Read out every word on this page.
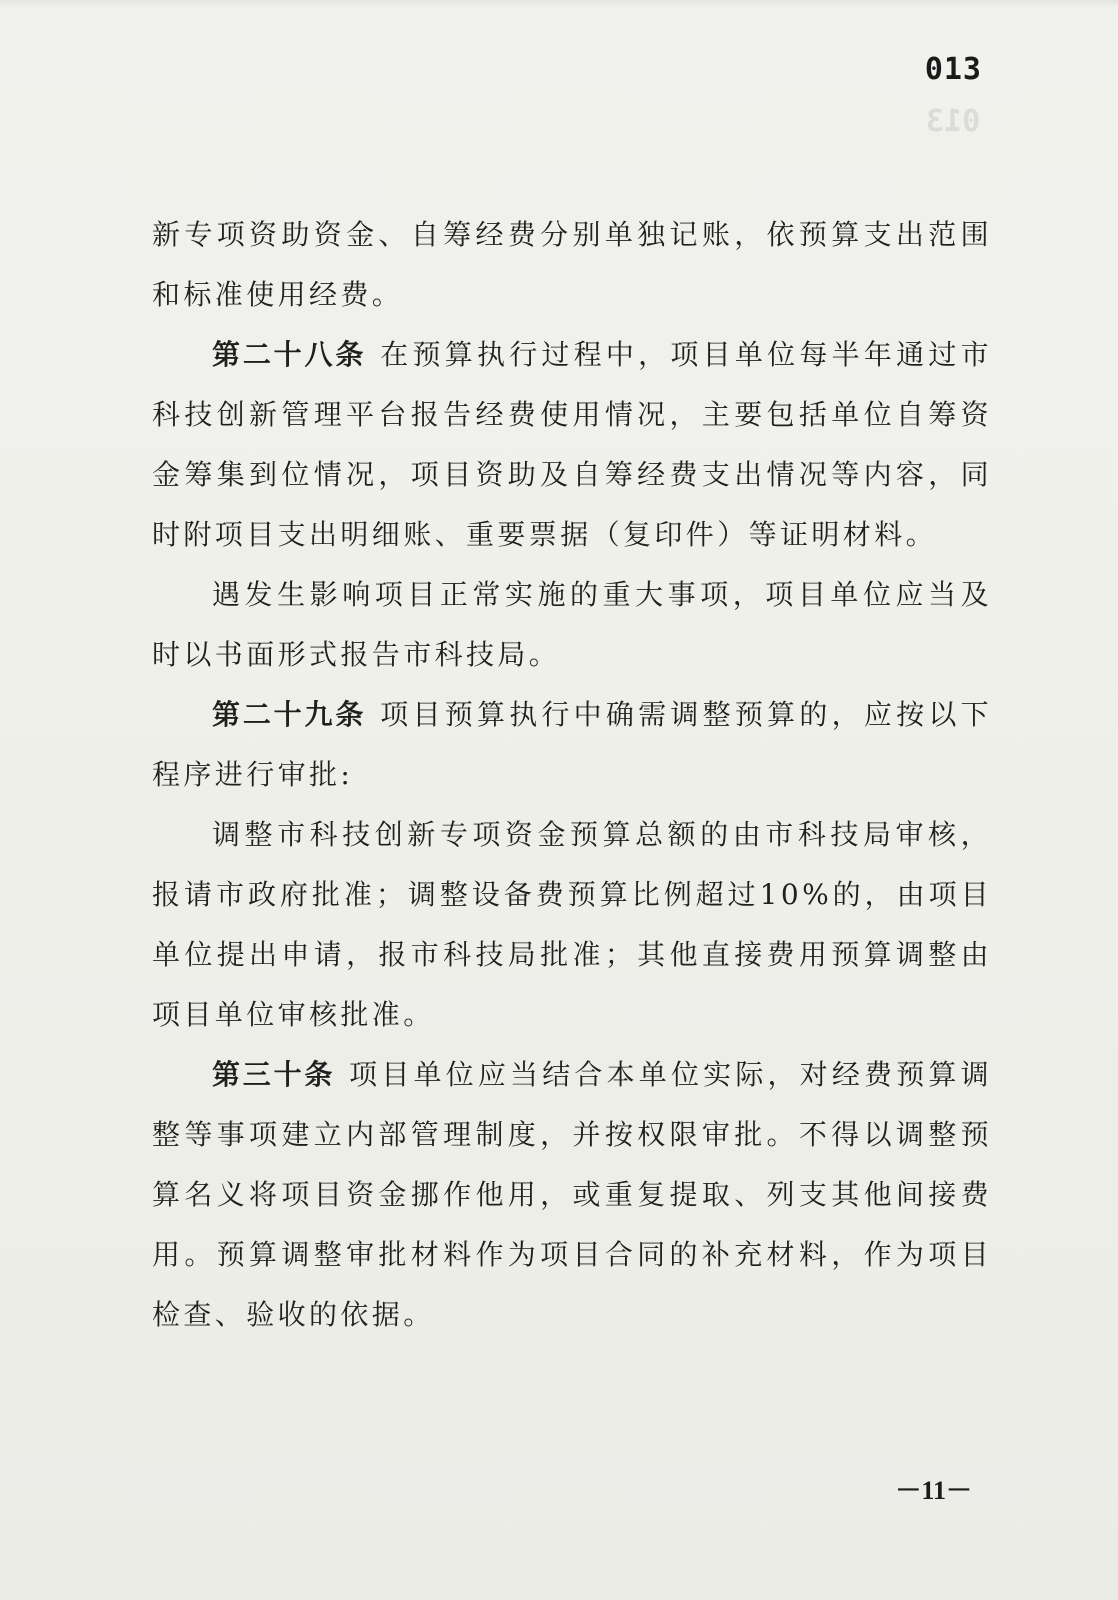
013
013

新专项资助资金、自筹经费分别单独记账，依预算支出范围和标准使用经费。

第二十八条 在预算执行过程中，项目单位每半年通过市科技创新管理平台报告经费使用情况，主要包括单位自筹资金筹集到位情况，项目资助及自筹经费支出情况等内容，同时附项目支出明细账、重要票据（复印件）等证明材料。

遇发生影响项目正常实施的重大事项，项目单位应当及时以书面形式报告市科技局。

第二十九条 项目预算执行中确需调整预算的，应按以下程序进行审批:

调整市科技创新专项资金预算总额的由市科技局审核，报请市政府批准；调整设备费预算比例超过10%的，由项目单位提出申请，报市科技局批准；其他直接费用预算调整由项目单位审核批准。

第三十条 项目单位应当结合本单位实际，对经费预算调整等事项建立内部管理制度，并按权限审批。不得以调整预算名义将项目资金挪作他用，或重复提取、列支其他间接费用。预算调整审批材料作为项目合同的补充材料，作为项目检查、验收的依据。

－11－
